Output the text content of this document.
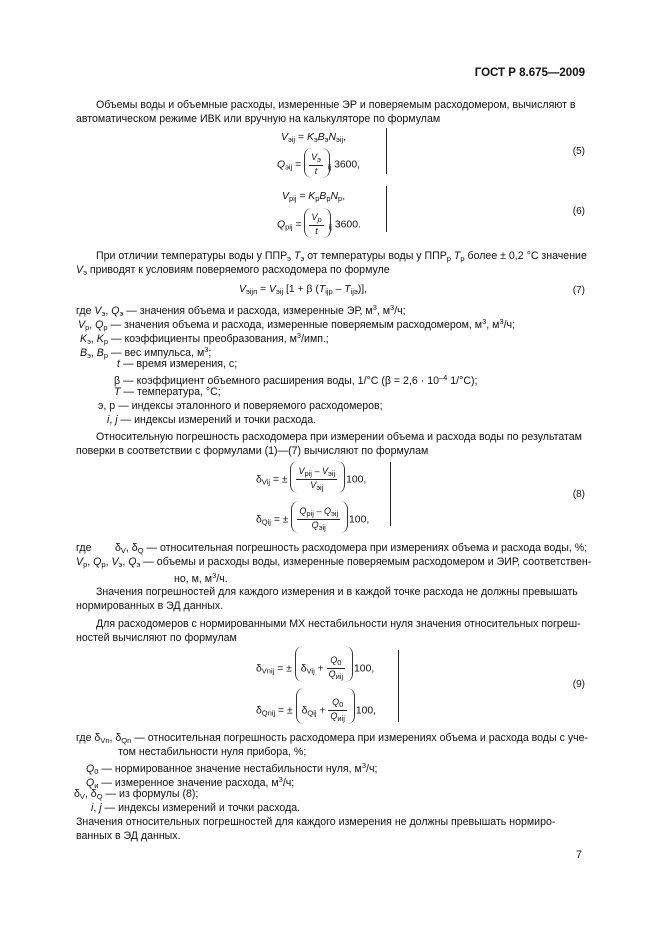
ГОСТ Р 8.675—2009
Объемы воды и объемные расходы, измеренные ЭР и поверяемым расходомером, вычисляют в
автоматическом режиме ИВК или вручную на калькуляторе по формулам
$V_{эij} = K_эB_эN_{эij}$,
$Q_{эij} = \frac{V_э}{t} _{ij}$ 3600,
(5)
$V_{pij} = K_pB_pN_p$,
$Q_{pij} = \frac{V_p}{t} _{ij}$ 3600.
(6)
При отличии температуры воды у $ППР_э$ $T_э$ от температуры воды у $ППР_р$ $T_р$ более ± 0,2 °С значение
$V_э$ приводят к условиям поверяемого расходомера по формуле
$V_{эijп} = V_{эij}$ [1 + β $(T_{ijp} - T_{ijэ})$],	(7)
где $V_э$, $Q_э$ — значения объема и расхода, измеренные ЭР, $м^3$, $м^3/ч$;
$V_р$, $Q_р$ — значения объема и расхода, измеренные поверяемым расходомером, $м^3$, $м^3/ч$;
$K_э$, $K_р$ — коэффициенты преобразования, $м^3$/имп.;
$B_э$, $B_р$ — вес импульса, $м^3$;
t — время измерения, с;
β — коэффициент объемного расширения воды, 1/°С ($\beta = 2,6 \cdot 10^{-4}$ 1/°С);
T — температура, °С;
э, р — индексы эталонного и поверяемого расходомеров;
i, j — индексы измерений и точки расхода.
Относительную погрешность расходомера при измерении объема и расхода воды по результатам
поверки в соответствии с формулами (1)—(7) вычисляют по формулам
$\delta_{Vij}$ = ± $\frac{V_{pij} - V_{эij}}{V_{эij}} 100$,
$\delta_{Qij}$ = ± $\frac{Q_{pij} - Q_{эij}}{Q_{эij}} 100$,
(8)
где        $\delta_V$, $\delta_Q$ — относительная погрешность расходомера при измерениях объема и расхода воды, %;
$V_р$, $Q_р$, $V_э$, $Q_э$ — объемы и расходы воды, измеренные поверяемым расходомером и ЭИР, соответствен-
но, м, $м^3/ч$.
Значения погрешностей для каждого измерения и в каждой точке расхода не должны превышать
нормированных в ЭД данных.
Для расходомеров с нормированными МХ нестабильности нуля значения относительных погреш-
ностей вычисляют по формулам
$\delta_{Vnij}$ = ± $\delta_{Vij} + \frac{Q_0}{Q_{иij}} 100$,
$\delta_{Qnij}$ = ± $\delta_{Qij} + \frac{Q_0}{Q_{иij}} 100$,
(9)
где $\delta_{Vn}$, $\delta_{Qn}$ — относительная погрешность расходомера при измерениях объема и расхода воды с уче-
том нестабильности нуля прибора, %;
$Q_0$ — нормированное значение нестабильности нуля, $м^3/ч$;
$Q_и$ — измеренное значение расхода, $м^3/ч$;
$\delta_V$, $\delta_Q$ — из формулы (8);
i, j — индексы измерений и точки расхода.
Значения относительных погрешностей для каждого измерения не должны превышать нормиро-
ванных в ЭД данных.
7
